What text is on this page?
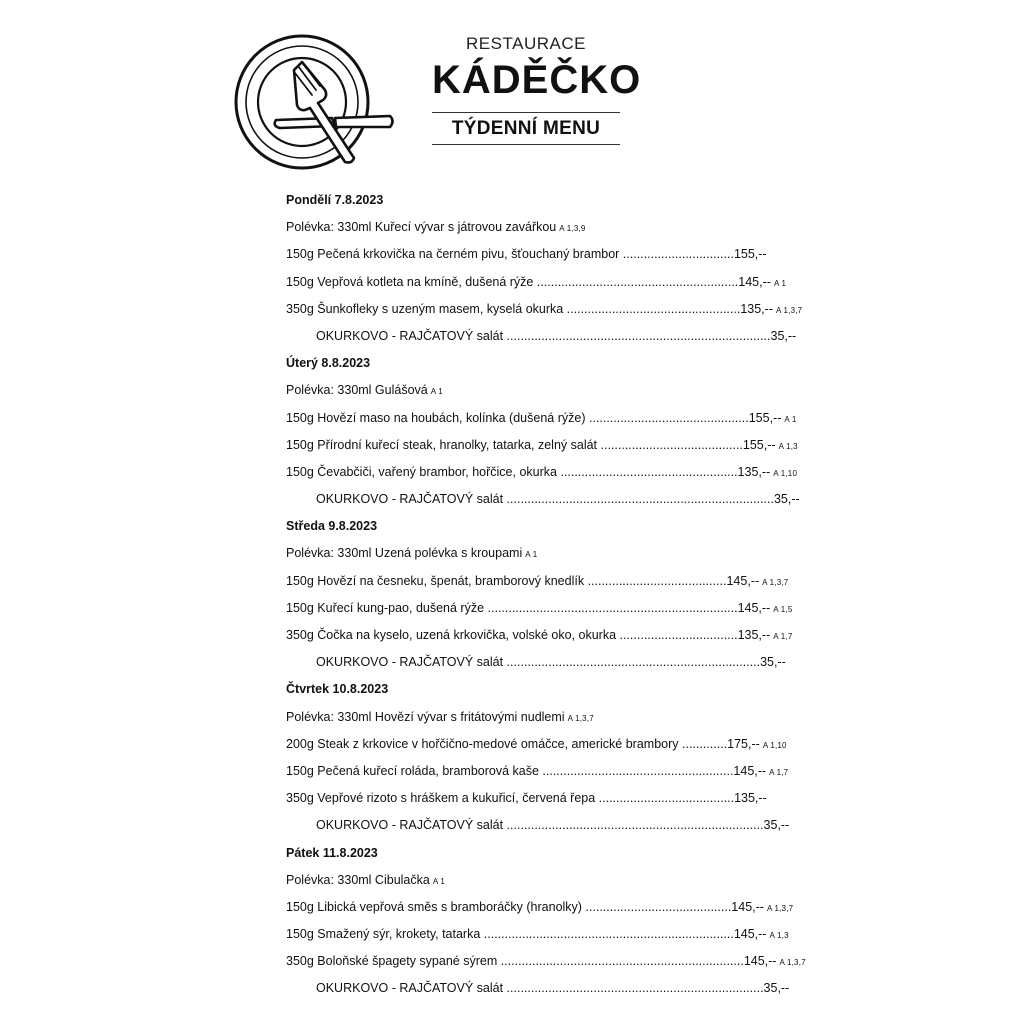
RESTAURACE
KÁDĚČKO
TÝDENNÍ MENU
Pondělí 7.8.2023
Polévka: 330ml Kuřecí vývar s játrovou zavářkou A 1,3,9
150g Pečená krkovička na černém pivu, šťouchaný brambor ................................155,--
150g Vepřová kotleta na kmíně, dušená rýže ..........................................................145,-- A 1
350g Šunkofleky s uzeným masem, kyselá okurka ..................................................135,-- A 1,3,7
OKURKOVO - RAJČATOVÝ salát ............................................................................35,--
Úterý 8.8.2023
Polévka: 330ml Gulášová A 1
150g Hovězí maso na houbách, kolínka (dušená rýže) ..............................................155,-- A 1
150g Přírodní kuřecí steak, hranolky, tatarka, zelný salát .........................................155,-- A 1,3
150g Čevabčiči, vařený brambor, hořčice, okurka ...................................................135,-- A 1,10
OKURKOVO - RAJČATOVÝ salát .............................................................................35,--
Středa 9.8.2023
Polévka: 330ml Uzená polévka s kroupami A 1
150g Hovězí na česneku, špenát, bramborový knedlík ........................................145,-- A 1,3,7
150g Kuřecí kung-pao, dušená rýže ........................................................................145,-- A 1,5
350g Čočka na kyselo, uzená krkovička, volské oko, okurka ..................................135,-- A 1,7
OKURKOVO - RAJČATOVÝ salát .........................................................................35,--
Čtvrtek 10.8.2023
Polévka: 330ml Hovězí vývar s fritátovými nudlemi A 1,3,7
200g Steak z krkovice v hořčično-medové omáčce, americké brambory .............175,-- A 1,10
150g Pečená kuřecí roláda, bramborová kaše .......................................................145,-- A 1,7
350g Vepřové rizoto s hráškem a kukuřicí, červená řepa .......................................135,--
OKURKOVO - RAJČATOVÝ salát ..........................................................................35,--
Pátek 11.8.2023
Polévka: 330ml Cibulačka A 1
150g Libická vepřová směs s bramboráčky (hranolky) ..........................................145,-- A 1,3,7
150g Smažený sýr, krokety, tatarka ........................................................................145,-- A 1,3
350g Boloňské špagety sypané sýrem ......................................................................145,-- A 1,3,7
OKURKOVO - RAJČATOVÝ salát ..........................................................................35,--
